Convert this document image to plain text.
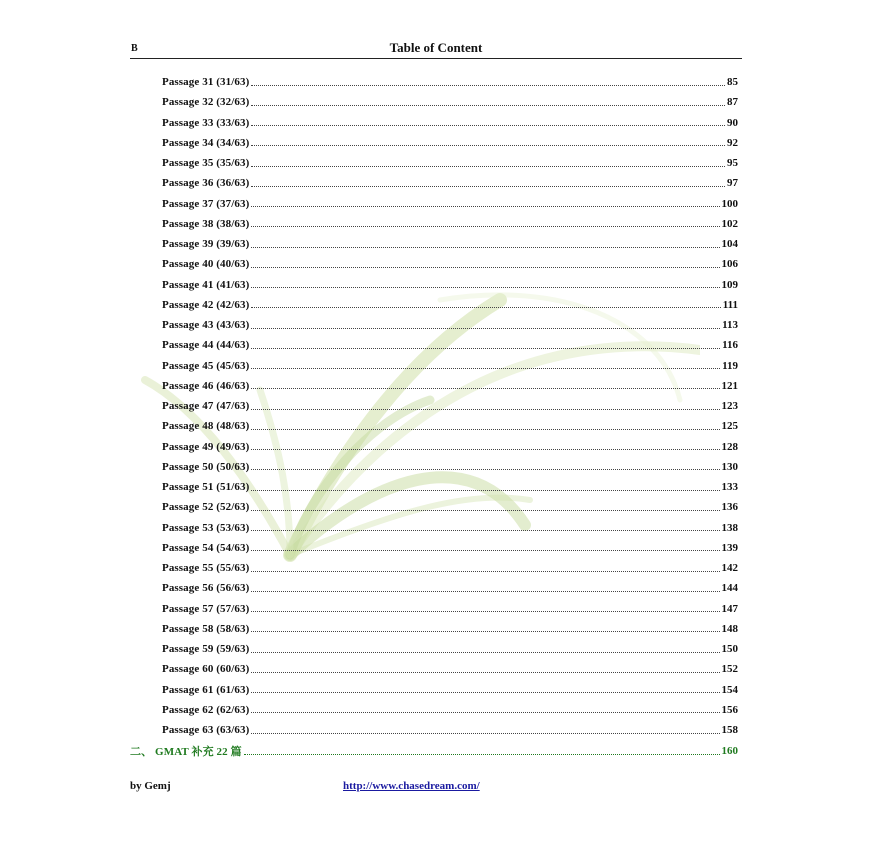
B	Table of Content
Passage 31 (31/63)	85
Passage 32 (32/63)	87
Passage 33 (33/63)	90
Passage 34 (34/63)	92
Passage 35 (35/63)	95
Passage 36 (36/63)	97
Passage 37 (37/63)	100
Passage 38 (38/63)	102
Passage 39 (39/63)	104
Passage 40 (40/63)	106
Passage 41 (41/63)	109
Passage 42 (42/63)	111
Passage 43 (43/63)	113
Passage 44 (44/63)	116
Passage 45 (45/63)	119
Passage 46 (46/63)	121
Passage 47 (47/63)	123
Passage 48 (48/63)	125
Passage 49 (49/63)	128
Passage 50 (50/63)	130
Passage 51 (51/63)	133
Passage 52 (52/63)	136
Passage 53 (53/63)	138
Passage 54 (54/63)	139
Passage 55 (55/63)	142
Passage 56 (56/63)	144
Passage 57 (57/63)	147
Passage 58 (58/63)	148
Passage 59 (59/63)	150
Passage 60 (60/63)	152
Passage 61 (61/63)	154
Passage 62 (62/63)	156
Passage 63 (63/63)	158
二、 GMAT 补充 22 篇	160
by Gemj	http://www.chasedream.com/
